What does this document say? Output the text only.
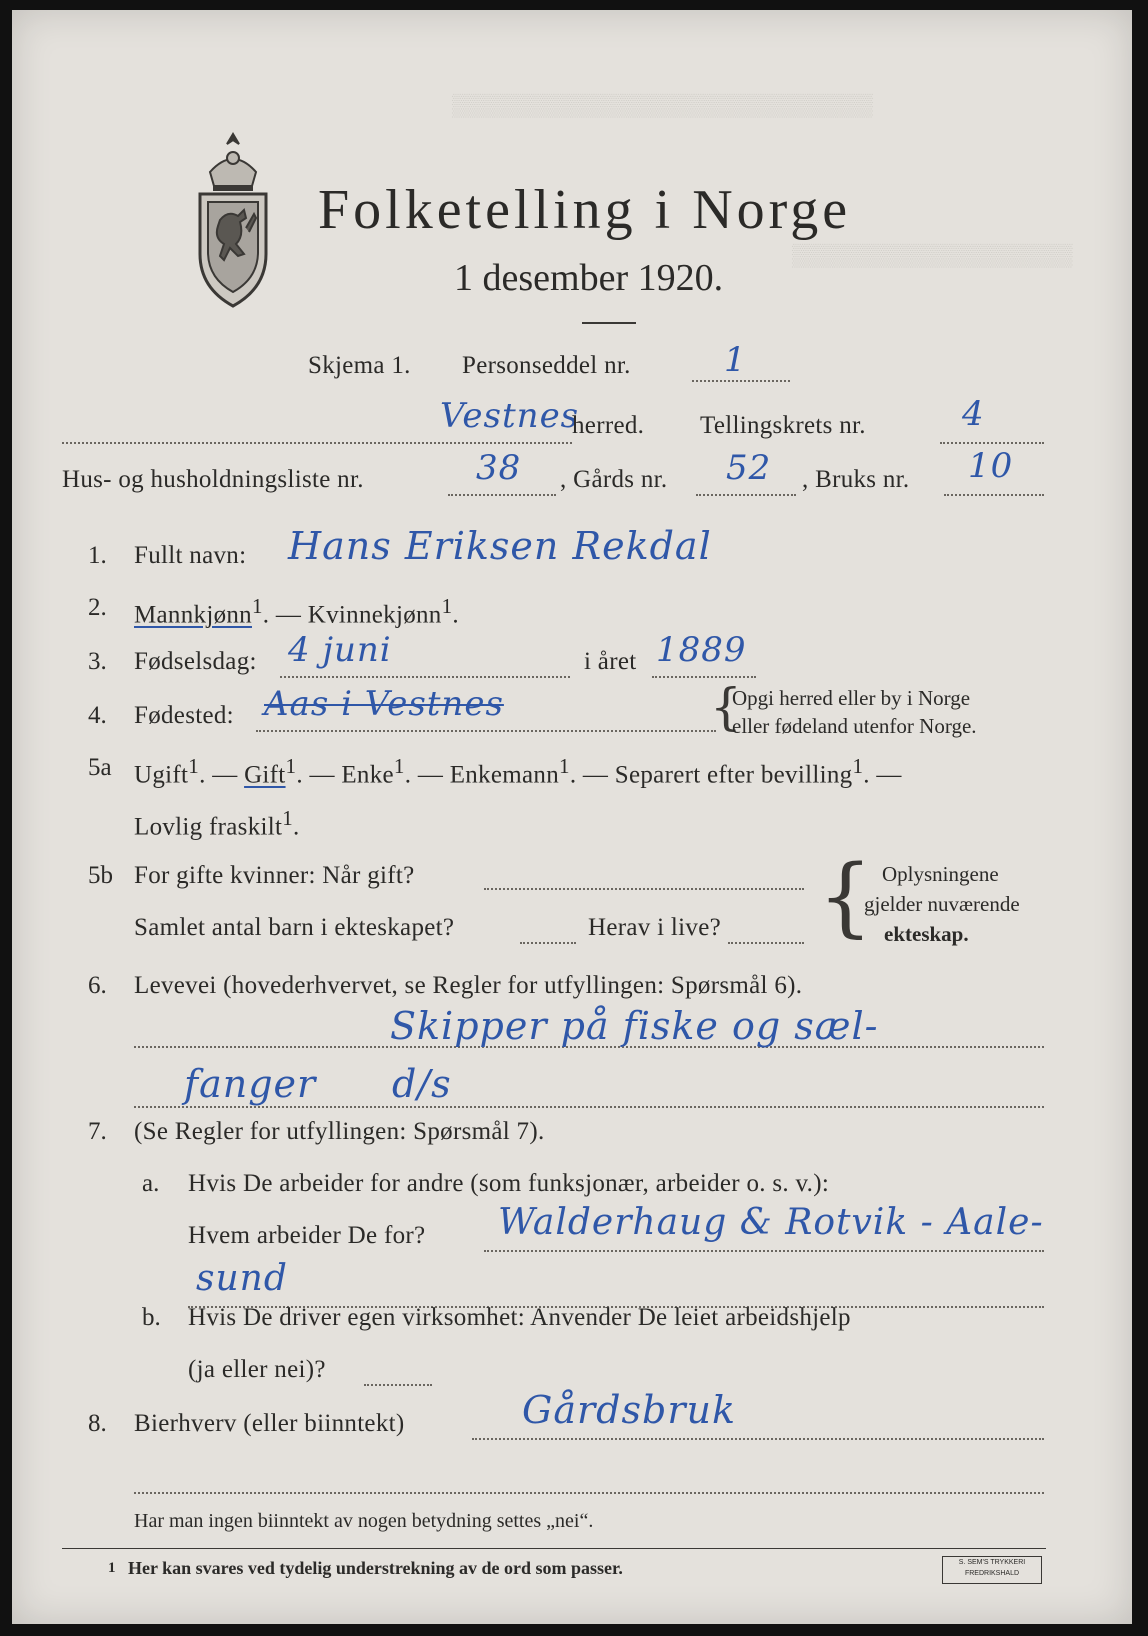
▒▒▒▒▒▒▒▒▒▒▒▒▒▒▒▒▒▒▒▒▒▒▒▒▒▒▒
▒▒▒▒▒▒▒▒▒▒▒▒▒▒▒▒▒▒
Folketelling i Norge
1 desember 1920.
Skjema 1. Personseddel nr.	1
Vestnes
herred. Tellingskrets nr.	4
Hus- og husholdningsliste nr.	38 , Gårds nr. 52 , Bruks nr. 10
1. Fullt navn: Hans Eriksen Rekdal
2. Mannkjønn$^1$. — Kvinnekjønn$^1$.
3. Fødselsdag: 4 juni	i året 1889
4. Fødested: Aas i Vestnes	{
Opgi herred eller by i Norge
eller fødeland utenfor Norge.
5a Ugift$^1$. — Gift$^1$. — Enke$^1$. — Enkemann$^1$. — Separert efter bevilling$^1$. —
Lovlig fraskilt$^1$.
5b For gifte kvinner: Når gift?
Samlet antal barn i ekteskapet?	Herav i live? { Oplysningene
gjelder nuværende
ekteskap.
6. Levevei (hovederhvervet, se Regler for utfyllingen: Spørsmål 6).
Skipper på fiske og sæl-
fanger d/s
7. (Se Regler for utfyllingen: Spørsmål 7).
a. Hvis De arbeider for andre (som funksjonær, arbeider o. s. v.):
Hvem arbeider De for? Walderhaug & Rotvik - Aale-
sund
b. Hvis De driver egen virksomhet: Anvender De leiet arbeidshjelp
(ja eller nei)?
8. Bierhverv (eller biinntekt)	Gårdsbruk
Har man ingen biinntekt av nogen betydning settes „nei“.
1 Her kan svares ved tydelig understrekning av de ord som passer.	S. SEM'S TRYKKERI
FREDRIKSHALD
